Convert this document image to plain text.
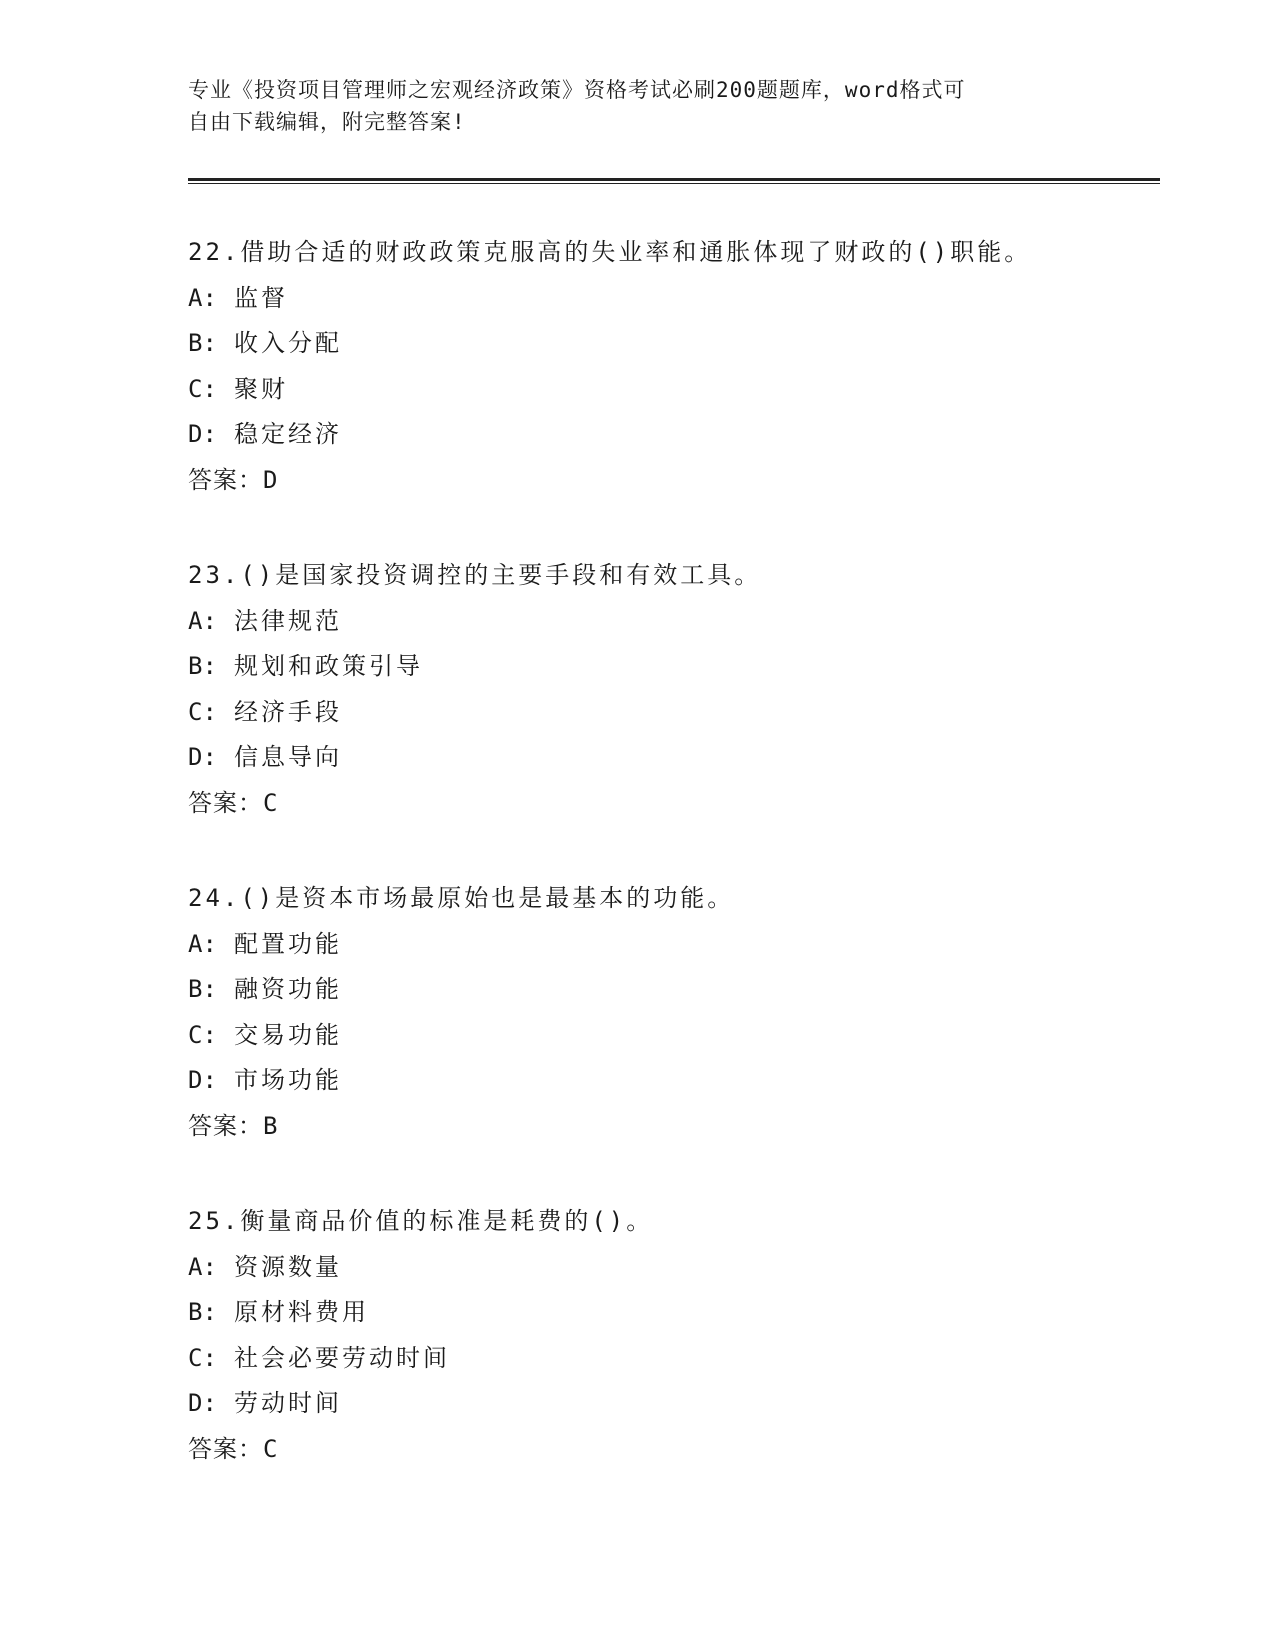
专业《投资项目管理师之宏观经济政策》资格考试必刷200题题库，word格式可
自由下载编辑，附完整答案!
22.借助合适的财政政策克服高的失业率和通胀体现了财政的()职能。
A: 监督
B: 收入分配
C: 聚财
D: 稳定经济
答案：D
23.()是国家投资调控的主要手段和有效工具。
A: 法律规范
B: 规划和政策引导
C: 经济手段
D: 信息导向
答案：C
24.()是资本市场最原始也是最基本的功能。
A: 配置功能
B: 融资功能
C: 交易功能
D: 市场功能
答案：B
25.衡量商品价值的标准是耗费的()。
A: 资源数量
B: 原材料费用
C: 社会必要劳动时间
D: 劳动时间
答案：C
